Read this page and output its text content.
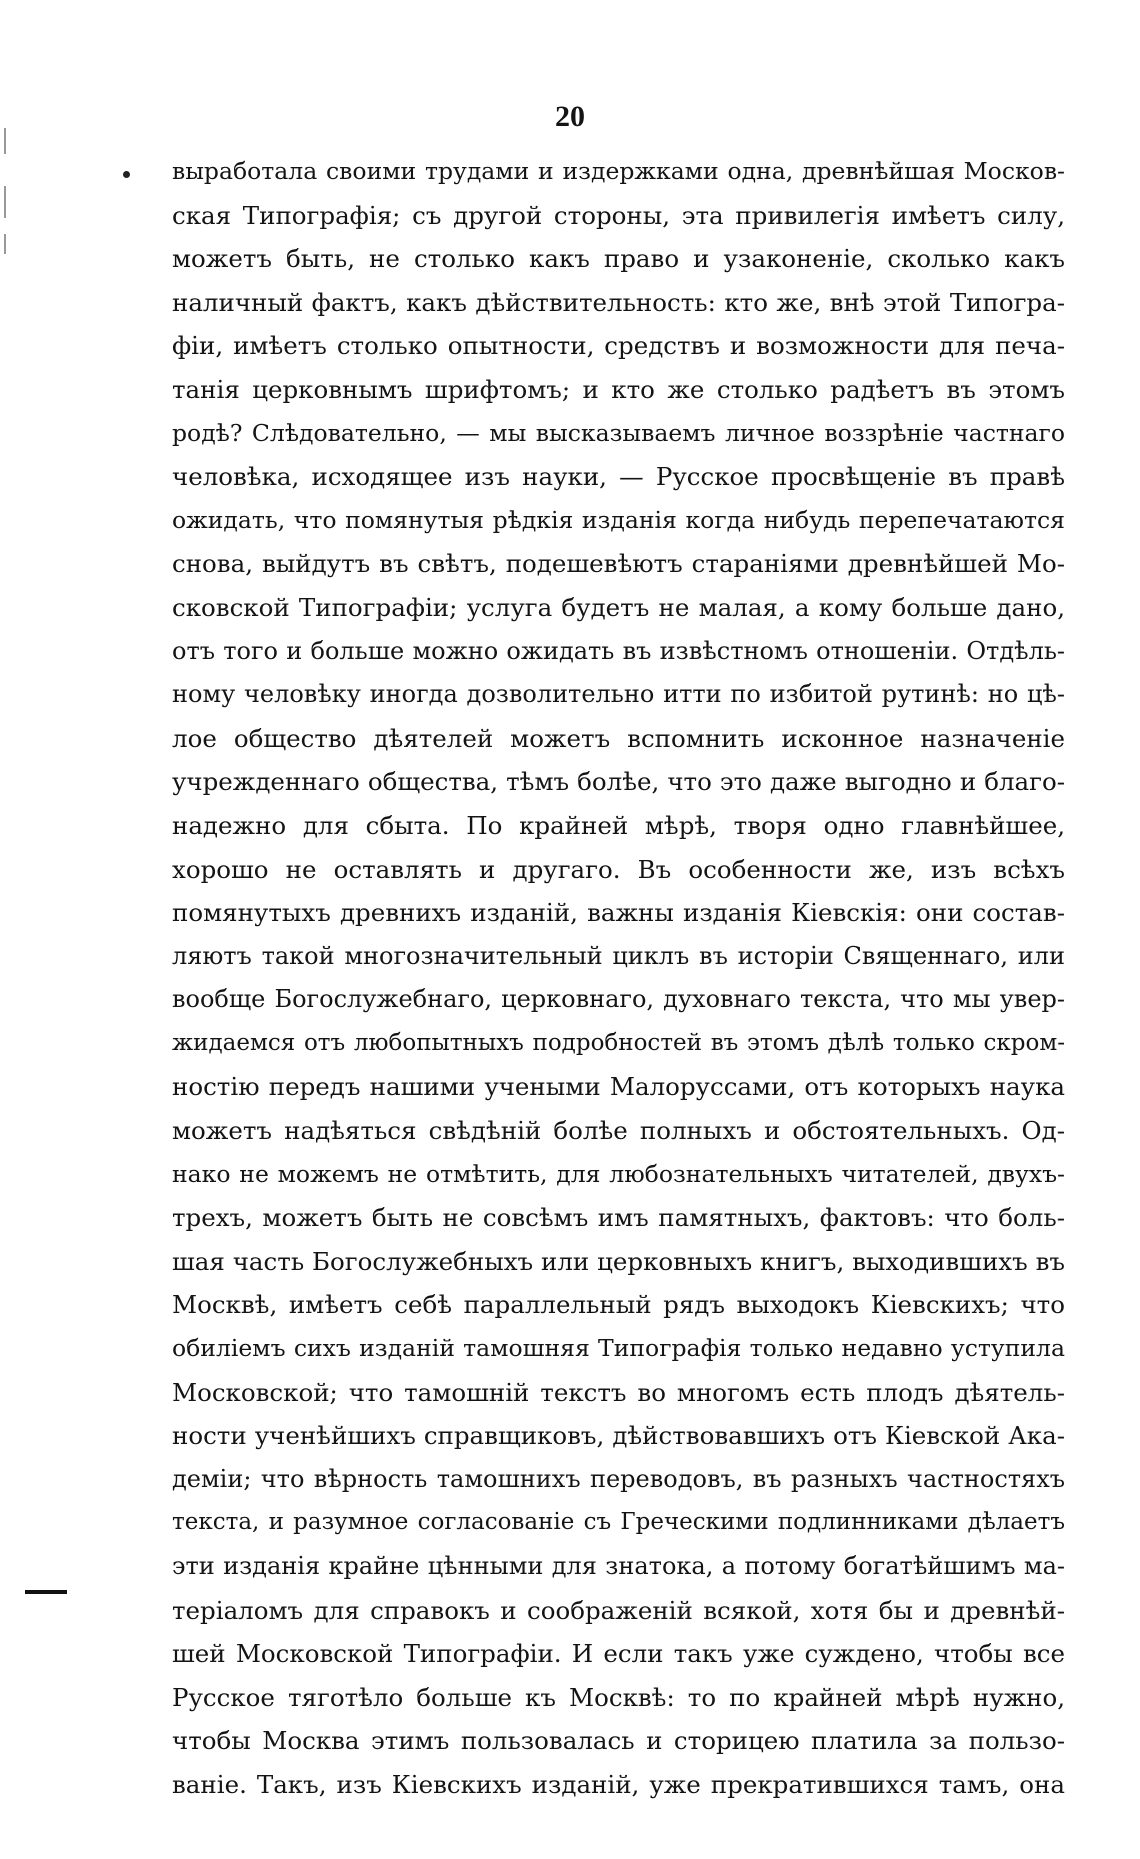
20
выработала своими трудами и издержками одна, древнѣйшая Москов-
ская Типографія; съ другой стороны, эта привилегія имѣетъ силу,
можетъ быть, не столько какъ право и узаконеніе, сколько какъ
наличный фактъ, какъ дѣйствительность: кто же, внѣ этой Типогра-
фіи, имѣетъ столько опытности, средствъ и возможности для печа-
танія церковнымъ шрифтомъ; и кто же столько радѣетъ въ этомъ
родѣ? Слѣдовательно, — мы высказываемъ личное воззрѣніе частнаго
человѣка, исходящее изъ науки, — Русское просвѣщеніе въ правѣ
ожидать, что помянутыя рѣдкія изданія когда нибудь перепечатаются
снова, выйдутъ въ свѣтъ, подешевѣютъ стараніями древнѣйшей Мо-
сковской Типографіи; услуга будетъ не малая, а кому больше дано,
отъ того и больше можно ожидать въ извѣстномъ отношеніи. Отдѣль-
ному человѣку иногда дозволительно итти по избитой рутинѣ: но цѣ-
лое общество дѣятелей можетъ вспомнить исконное назначеніе
учрежденнаго общества, тѣмъ болѣе, что это даже выгодно и благо-
надежно для сбыта. По крайней мѣрѣ, творя одно главнѣйшее,
хорошо не оставлять и другаго. Въ особенности же, изъ всѣхъ
помянутыхъ древнихъ изданій, важны изданія Кіевскія: они состав-
ляютъ такой многозначительный циклъ въ исторіи Священнаго, или
вообще Богослужебнаго, церковнаго, духовнаго текста, что мы увер-
жидаемся отъ любопытныхъ подробностей въ этомъ дѣлѣ только скром-
ностію передъ нашими учеными Малоруссами, отъ которыхъ наука
можетъ надѣяться свѣдѣній болѣе полныхъ и обстоятельныхъ. Од-
нако не можемъ не отмѣтить, для любознательныхъ читателей, двухъ-
трехъ, можетъ быть не совсѣмъ имъ памятныхъ, фактовъ: что боль-
шая часть Богослужебныхъ или церковныхъ книгъ, выходившихъ въ
Москвѣ, имѣетъ себѣ параллельный рядъ выходокъ Кіевскихъ; что
обиліемъ сихъ изданій тамошняя Типографія только недавно уступила
Московской; что тамошній текстъ во многомъ есть плодъ дѣятель-
ности ученѣйшихъ справщиковъ, дѣйствовавшихъ отъ Кіевской Ака-
деміи; что вѣрность тамошнихъ переводовъ, въ разныхъ частностяхъ
текста, и разумное согласованіе съ Греческими подлинниками дѣлаетъ
эти изданія крайне цѣнными для знатока, а потому богатѣйшимъ ма-
теріаломъ для справокъ и соображеній всякой, хотя бы и древнѣй-
шей Московской Типографіи. И если такъ уже суждено, чтобы все
Русское тяготѣло больше къ Москвѣ: то по крайней мѣрѣ нужно,
чтобы Москва этимъ пользовалась и сторицею платила за пользо-
ваніе. Такъ, изъ Кіевскихъ изданій, уже прекратившихся тамъ, она
